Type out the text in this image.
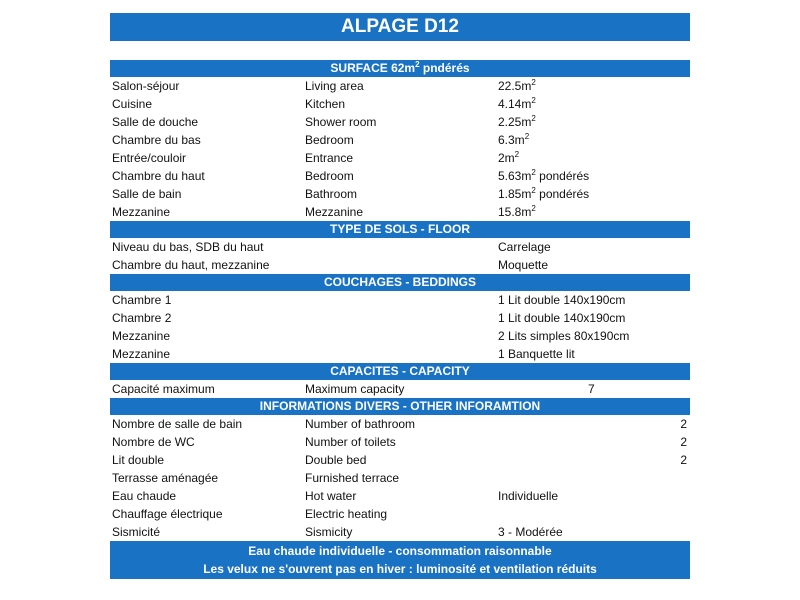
ALPAGE D12
SURFACE $62m^2$ pndérés
Salon-séjour	Living area	$22.5m^2$
Cuisine	Kitchen	$4.14m^2$
Salle de douche	Shower room	$2.25m^2$
Chambre du bas	Bedroom	$6.3m^2$
Entrée/couloir	Entrance	$2m^2$
Chambre du haut	Bedroom	$5.63m^2$ pondérés
Salle de bain	Bathroom	$1.85m^2$ pondérés
Mezzanine	Mezzanine	$15.8m^2$
TYPE DE SOLS - FLOOR
Niveau du bas, SDB du haut	Carrelage
Chambre du haut, mezzanine	Moquette
COUCHAGES - BEDDINGS
Chambre 1	1 Lit double 140x190cm
Chambre 2	1 Lit double 140x190cm
Mezzanine	2 Lits simples 80x190cm
Mezzanine	1 Banquette lit
CAPACITES - CAPACITY
Capacité maximum	Maximum capacity	7
INFORMATIONS DIVERS - OTHER INFORAMTION
Nombre de salle de bain	Number of bathroom	2
Nombre de WC	Number of toilets	2
Lit double	Double bed	2
Terrasse aménagée	Furnished terrace
Eau chaude	Hot water	Individuelle
Chauffage électrique	Electric heating
Sismicité	Sismicity	3 - Modérée
Eau chaude individuelle - consommation raisonnable
Les velux ne s'ouvrent pas en hiver : luminosité et ventilation réduits
